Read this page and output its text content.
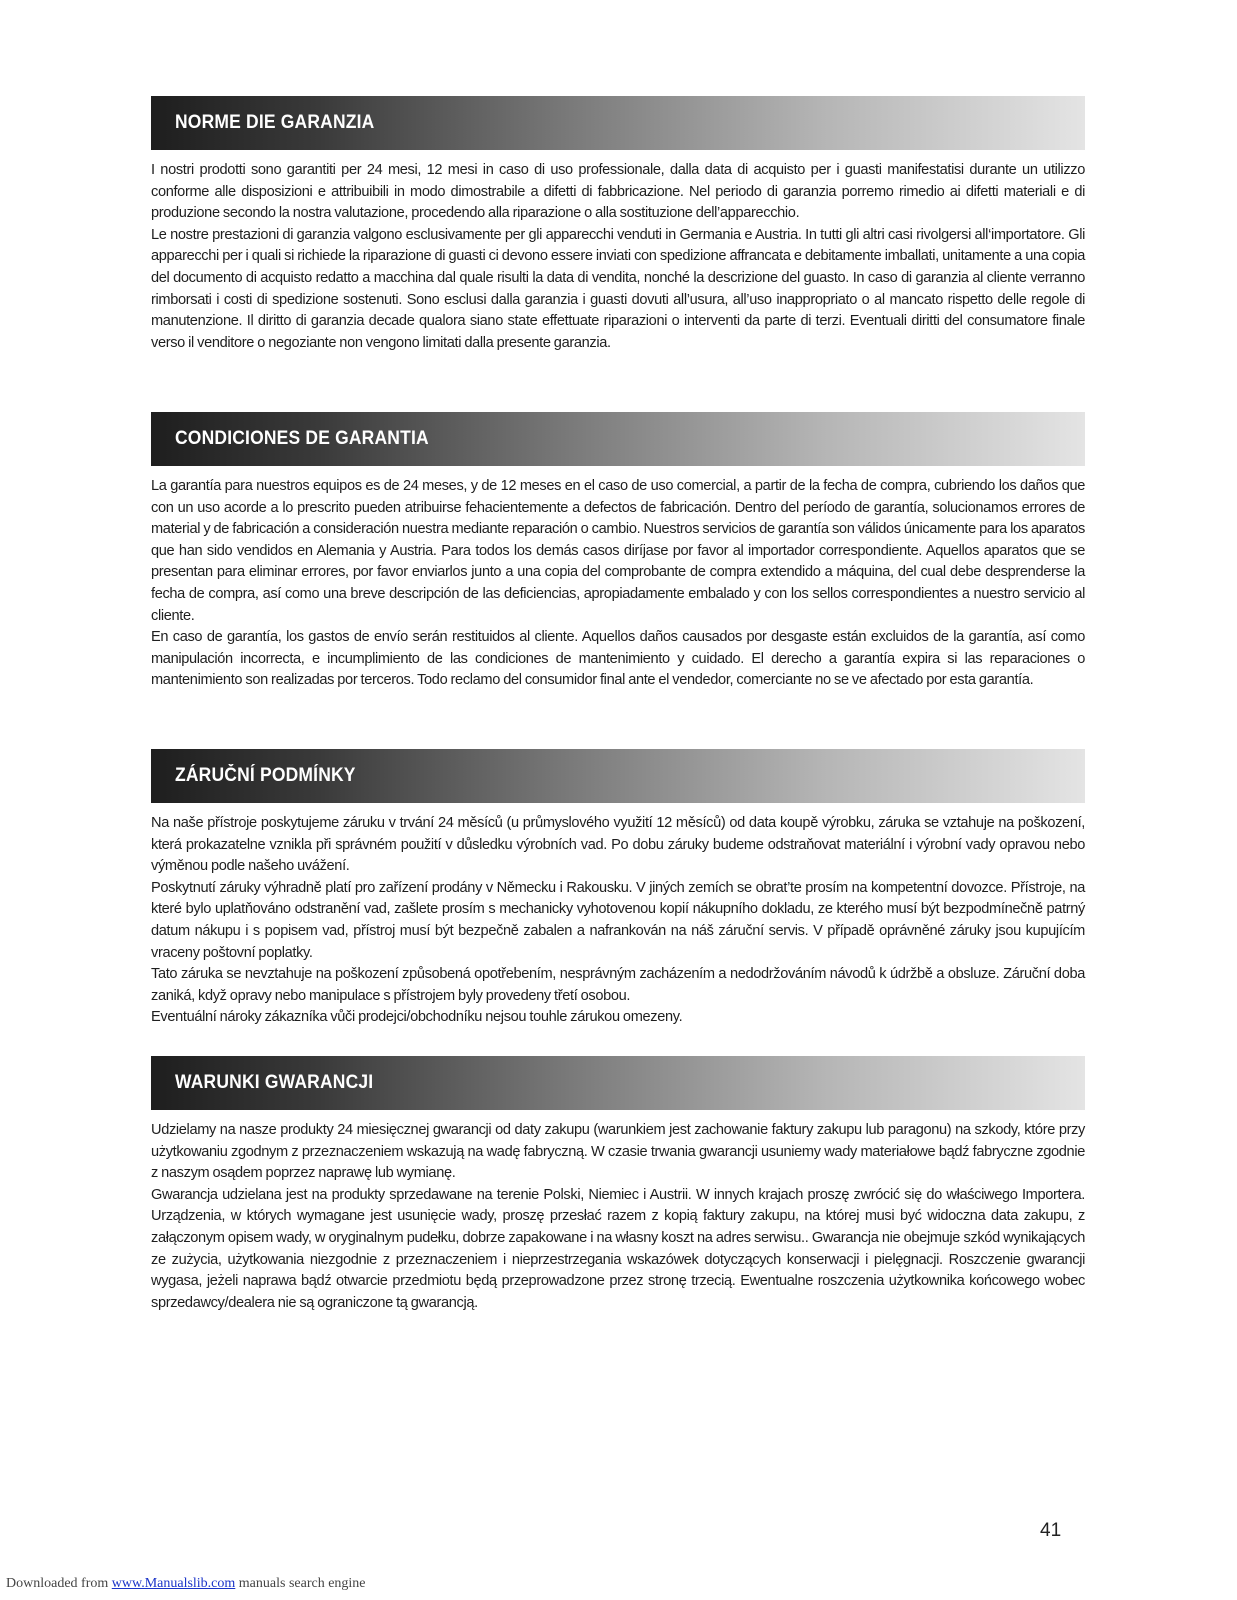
NORME DIE GARANZIA

I nostri prodotti sono garantiti per 24 mesi, 12 mesi in caso di uso professionale, dalla data di acquisto per i guasti manifestatisi durante un utilizzo conforme alle disposizioni e attribuibili in modo dimostrabile a difetti di fabbricazione. Nel periodo di garanzia porremo rimedio ai difetti materiali e di produzione secondo la nostra valutazione, procedendo alla riparazione o alla sostituzione dell’apparecchio.

Le nostre prestazioni di garanzia valgono esclusivamente per gli apparecchi venduti in Germania e Austria. In tutti gli altri casi rivolgersi all‘importatore. Gli apparecchi per i quali si richiede la riparazione di guasti ci devono essere inviati con spedizione affrancata e debitamente imballati, unitamente a una copia del documento di acquisto redatto a macchina dal quale risulti la data di vendita, nonché la descrizione del guasto. In caso di garanzia al cliente verranno rimborsati i costi di spedizione sostenuti. Sono esclusi dalla garanzia i guasti dovuti all’usura, all’uso inappropriato o al mancato rispetto delle regole di manutenzione. Il diritto di garanzia decade qualora siano state effettuate riparazioni o interventi da parte di terzi. Eventuali diritti del consumatore finale verso il venditore o negoziante non vengono limitati dalla presente garanzia.

CONDICIONES DE GARANTIA

La garantía para nuestros equipos es de 24 meses, y de 12 meses en el caso de uso comercial, a partir de la fecha de compra, cubriendo los daños que con un uso acorde a lo prescrito pueden atribuirse fehacientemente a defectos de fabricación. Dentro del período de garantía, solucionamos errores de material y de fabricación a consideración nuestra mediante reparación o cambio. Nuestros servicios de garantía son válidos únicamente para los aparatos que han sido vendidos en Alemania y Austria. Para todos los demás casos diríjase por favor al importador correspondiente. Aquellos aparatos que se presentan para eliminar errores, por favor enviarlos junto a una copia del comprobante de compra extendido a máquina, del cual debe desprenderse la fecha de compra, así como una breve descripción de las deficiencias, apropiadamente embalado y con los sellos correspondientes a nuestro servicio al cliente.

En caso de garantía, los gastos de envío serán restituidos al cliente. Aquellos daños causados por desgaste están excluidos de la garantía, así como manipulación incorrecta, e incumplimiento de las condiciones de mantenimiento y cuidado. El derecho a garantía expira si las reparaciones o mantenimiento son realizadas por terceros. Todo reclamo del consumidor final ante el vendedor, comerciante no se ve afectado por esta garantía.

ZÁRUČNÍ PODMÍNKY

Na naše přístroje poskytujeme záruku v trvání 24 měsíců (u průmyslového využití 12 měsíců) od data koupě výrobku, záruka se vztahuje na poškození, která prokazatelne vznikla při správném použití v důsledku výrobních vad. Po dobu záruky budeme odstraňovat materiální i výrobní vady opravou nebo výměnou podle našeho uvážení.

Poskytnutí záruky výhradně platí pro zařízení prodány v Německu i Rakousku. V jiných zemích se obrat’te prosím na kompetentní dovozce. Přístroje, na které bylo uplatňováno odstranění vad, zašlete prosím s mechanicky vyhotovenou kopií nákupního dokladu, ze kterého musí být bezpodmínečně patrný datum nákupu i s popisem vad, přístroj musí být bezpečně zabalen a nafrankován na náš záruční servis. V případě oprávněné záruky jsou kupujícím vraceny poštovní poplatky.

Tato záruka se nevztahuje na poškození způsobená opotřebením, nesprávným zacházením a nedodržováním návodů k údržbě a obsluze. Záruční doba zaniká, když opravy nebo manipulace s přístrojem byly provedeny třetí osobou.

Eventuální nároky zákazníka vůči prodejci/obchodníku nejsou touhle zárukou omezeny.

WARUNKI GWARANCJI

Udzielamy na nasze produkty 24 miesięcznej gwarancji od daty zakupu (warunkiem jest zachowanie faktury zakupu lub paragonu) na szkody, które przy użytkowaniu zgodnym z przeznaczeniem wskazują na wadę fabryczną. W czasie trwania gwarancji usuniemy wady materiałowe bądź fabryczne zgodnie z naszym osądem poprzez naprawę lub wymianę.

Gwarancja udzielana jest na produkty sprzedawane na terenie Polski, Niemiec i Austrii. W innych krajach proszę zwrócić się do właściwego Importera. Urządzenia, w których wymagane jest usunięcie wady, proszę przesłać razem z kopią faktury zakupu, na której musi być widoczna data zakupu, z załączonym opisem wady, w oryginalnym pudełku, dobrze zapakowane i na własny koszt na adres serwisu.. Gwarancja nie obejmuje szkód wynikających ze zużycia, użytkowania niezgodnie z przeznaczeniem i nieprzestrzegania wskazówek dotyczących konserwacji i pielęgnacji. Roszczenie gwarancji wygasa, jeżeli naprawa bądź otwarcie przedmiotu będą przeprowadzone przez stronę trzecią. Ewentualne roszczenia użytkownika końcowego wobec sprzedawcy/dealera nie są ograniczone tą gwarancją.

41
Downloaded from www.Manualslib.com manuals search engine
